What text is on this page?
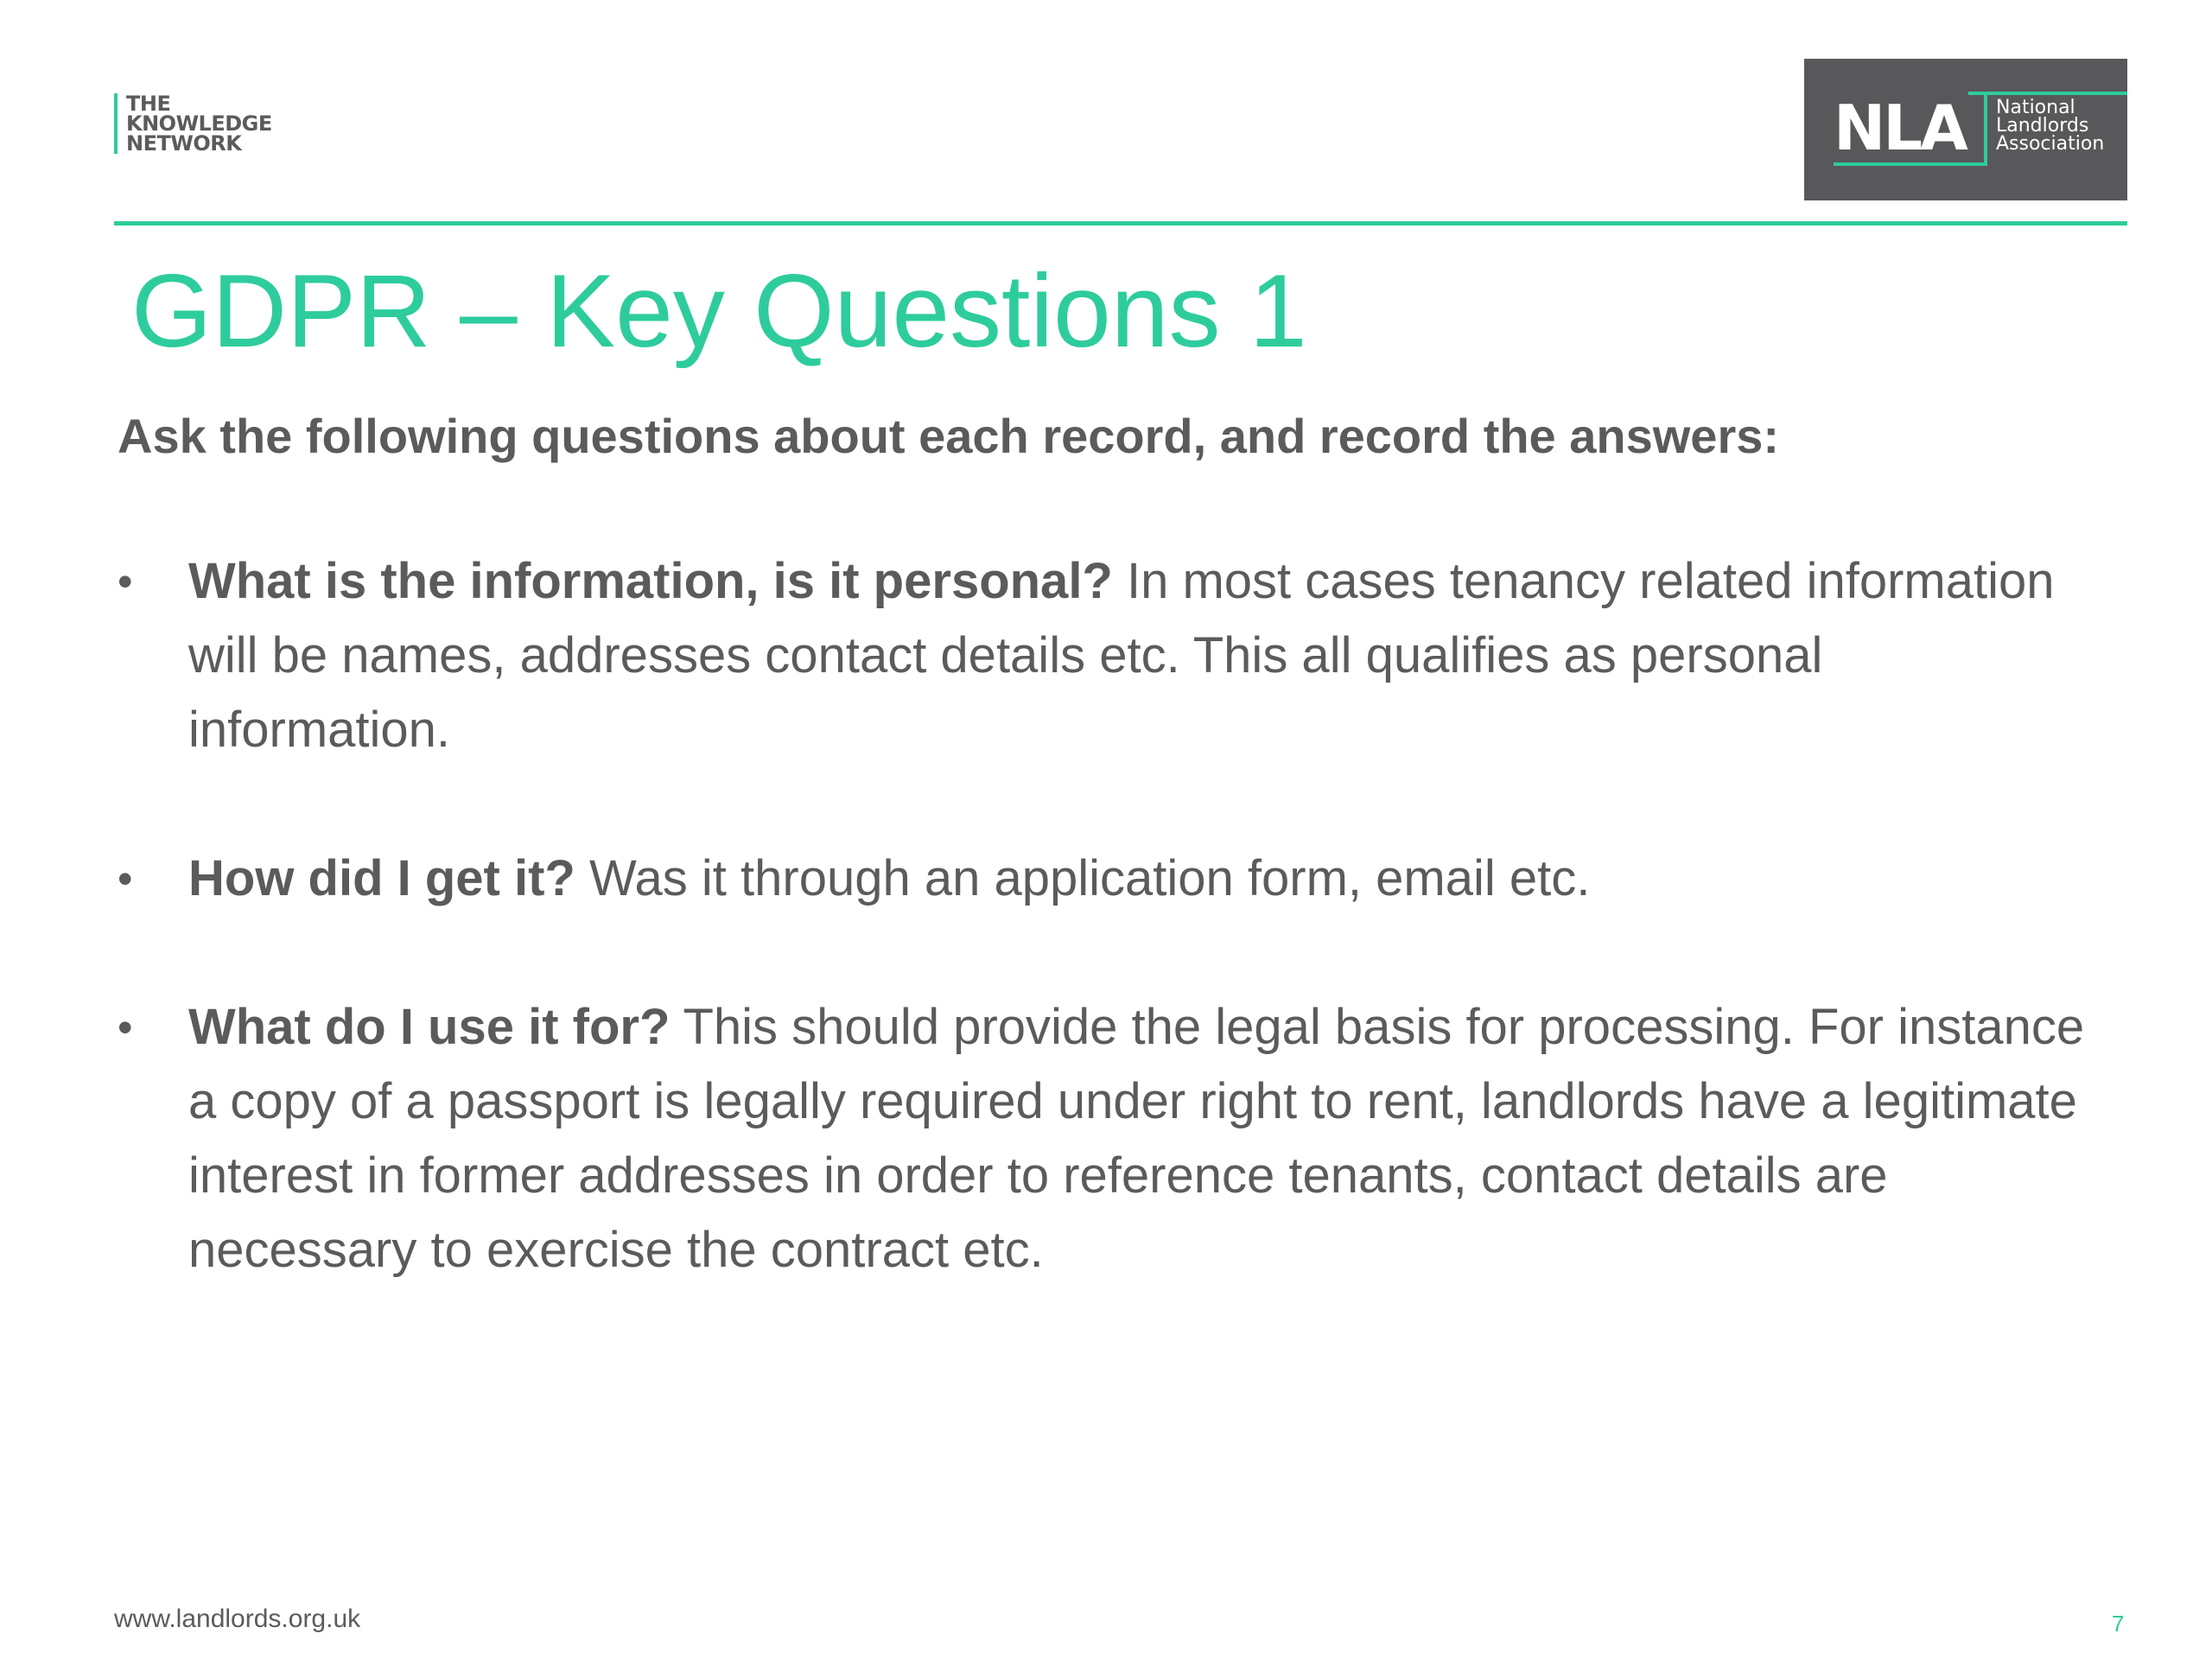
THE
KNOWLEDGE
NETWORK	NLA National
Landlords
Association
GDPR – Key Questions 1
Ask the following questions about each record, and record the answers:
•	What is the information, is it personal? In most cases tenancy related information will be names, addresses contact details etc. This all qualifies as personal information.
•	How did I get it? Was it through an application form, email etc.
•	What do I use it for? This should provide the legal basis for processing. For instance a copy of a passport is legally required under right to rent, landlords have a legitimate interest in former addresses in order to reference tenants, contact details are necessary to exercise the contract etc.
www.landlords.org.uk	7
